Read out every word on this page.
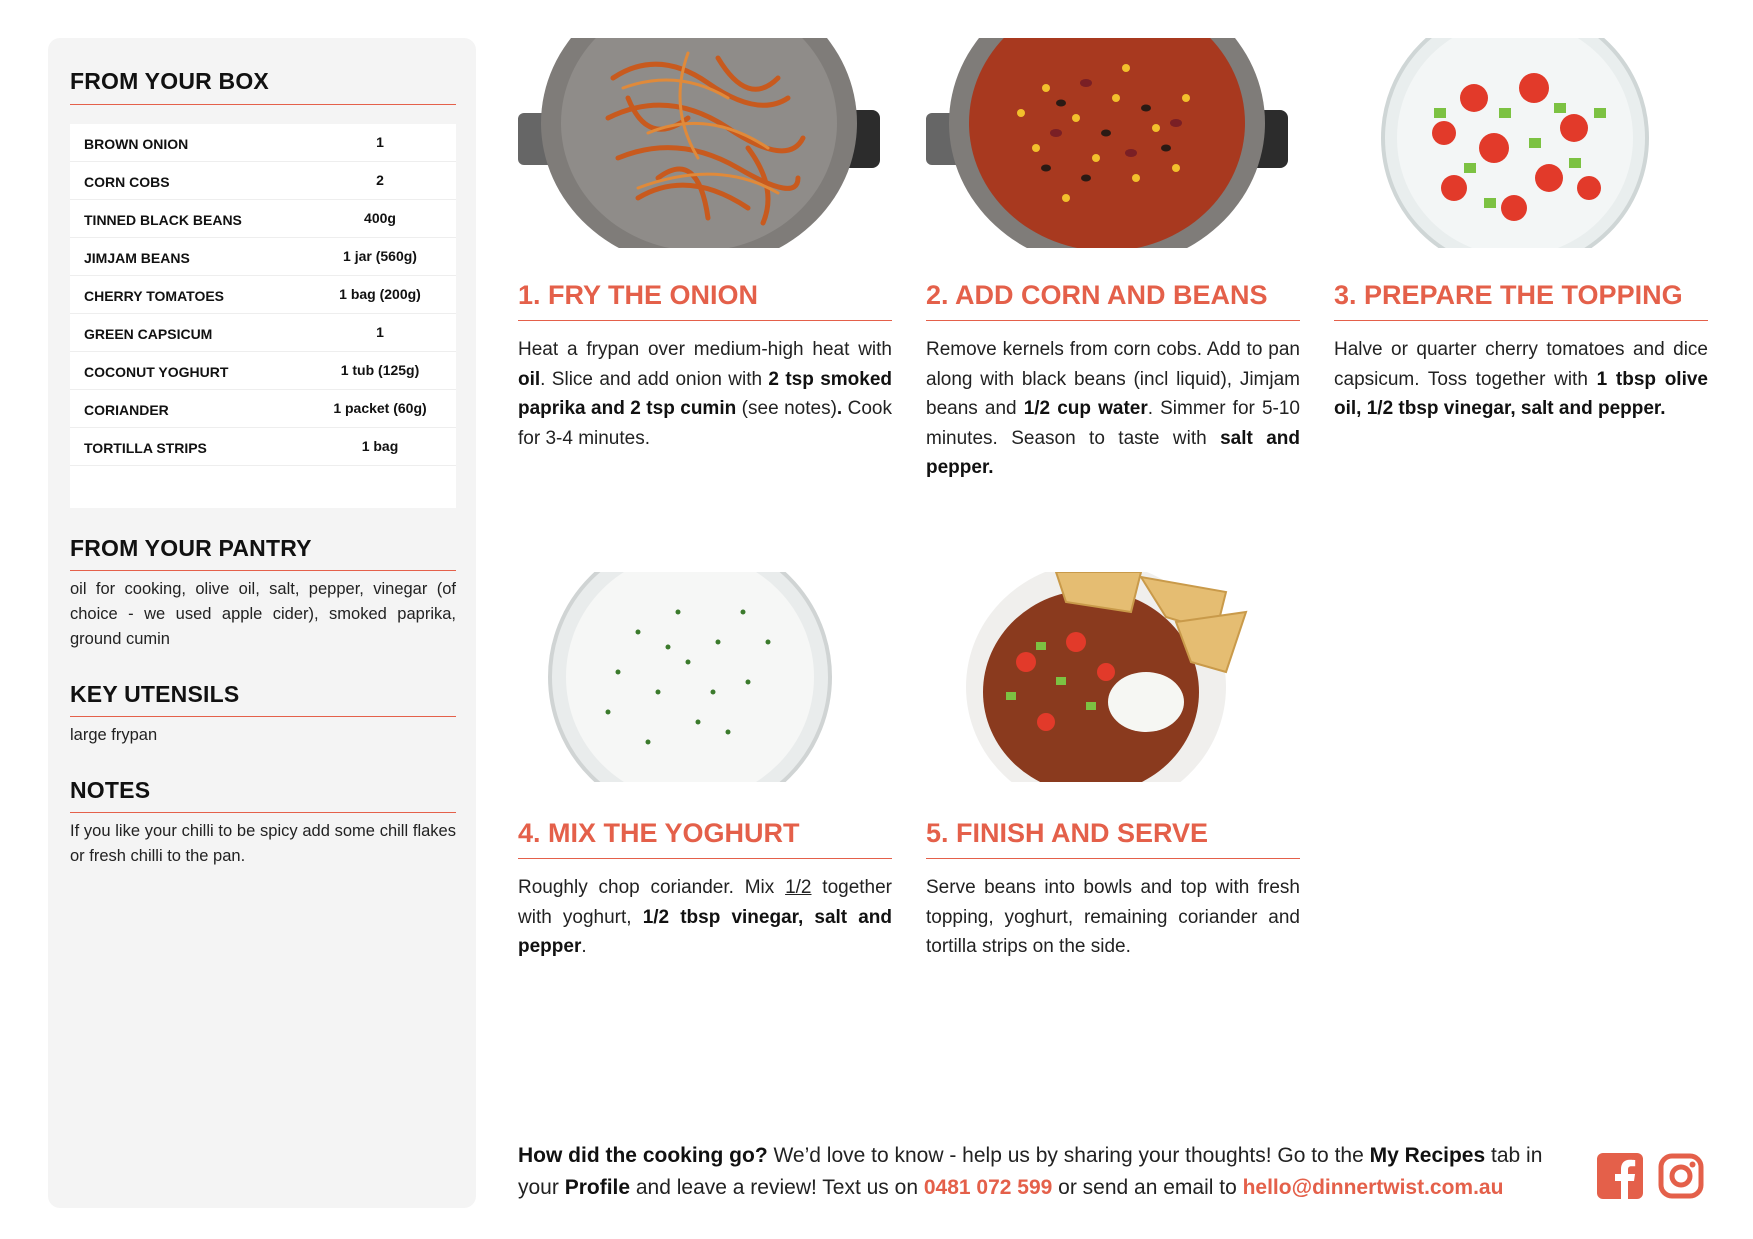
FROM YOUR BOX
BROWN ONION	1
CORN COBS	2
TINNED BLACK BEANS	400g
JIMJAM BEANS	1 jar (560g)
CHERRY TOMATOES	1 bag (200g)
GREEN CAPSICUM	1
COCONUT YOGHURT	1 tub (125g)
CORIANDER	1 packet (60g)
TORTILLA STRIPS	1 bag
FROM YOUR PANTRY
oil for cooking, olive oil, salt, pepper, vinegar (of choice - we used apple cider), smoked paprika, ground cumin
KEY UTENSILS
large frypan
NOTES
If you like your chilli to be spicy add some chill flakes or fresh chilli to the pan.
1. FRY THE ONION
Heat a frypan over medium-high heat with oil. Slice and add onion with 2 tsp smoked paprika and 2 tsp cumin (see notes). Cook for 3-4 minutes.
2. ADD CORN AND BEANS
Remove kernels from corn cobs. Add to pan along with black beans (incl liquid), Jimjam beans and 1/2 cup water. Simmer for 5-10 minutes. Season to taste with salt and pepper.
3. PREPARE THE TOPPING
Halve or quarter cherry tomatoes and dice capsicum. Toss together with 1 tbsp olive oil, 1/2 tbsp vinegar, salt and pepper.
4. MIX THE YOGHURT
Roughly chop coriander. Mix 1/2 together with yoghurt, 1/2 tbsp vinegar, salt and pepper.
5. FINISH AND SERVE
Serve beans into bowls and top with fresh topping, yoghurt, remaining coriander and tortilla strips on the side.
How did the cooking go? We’d love to know - help us by sharing your thoughts! Go to the My Recipes tab in your Profile and leave a review! Text us on 0481 072 599 or send an email to hello@dinnertwist.com.au
